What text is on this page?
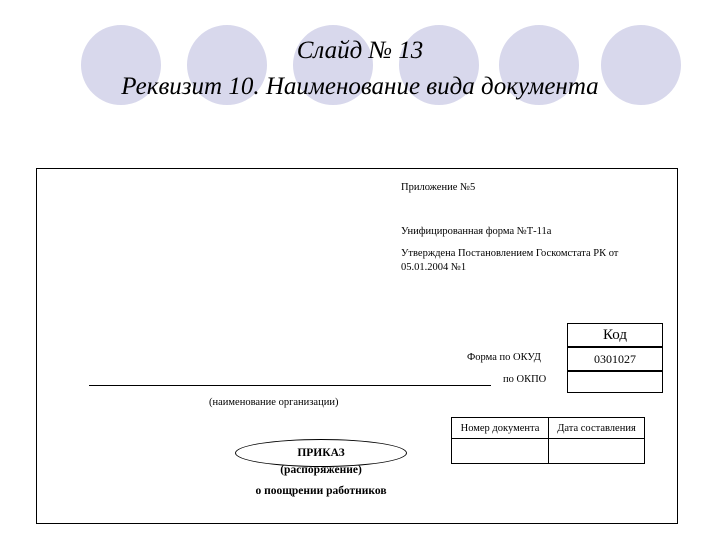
Слайд № 13
Реквизит 10. Наименование вида документа
Приложение №5
Унифицированная форма №Т-11а
Утверждена Постановлением Госкомстата РК от
05.01.2004 №1
Код
Форма по ОКУД	0301027
по ОКПО
(наименование организации)
Номер документа	Дата составления
ПРИКАЗ
(распоряжение)
о поощрении работников
